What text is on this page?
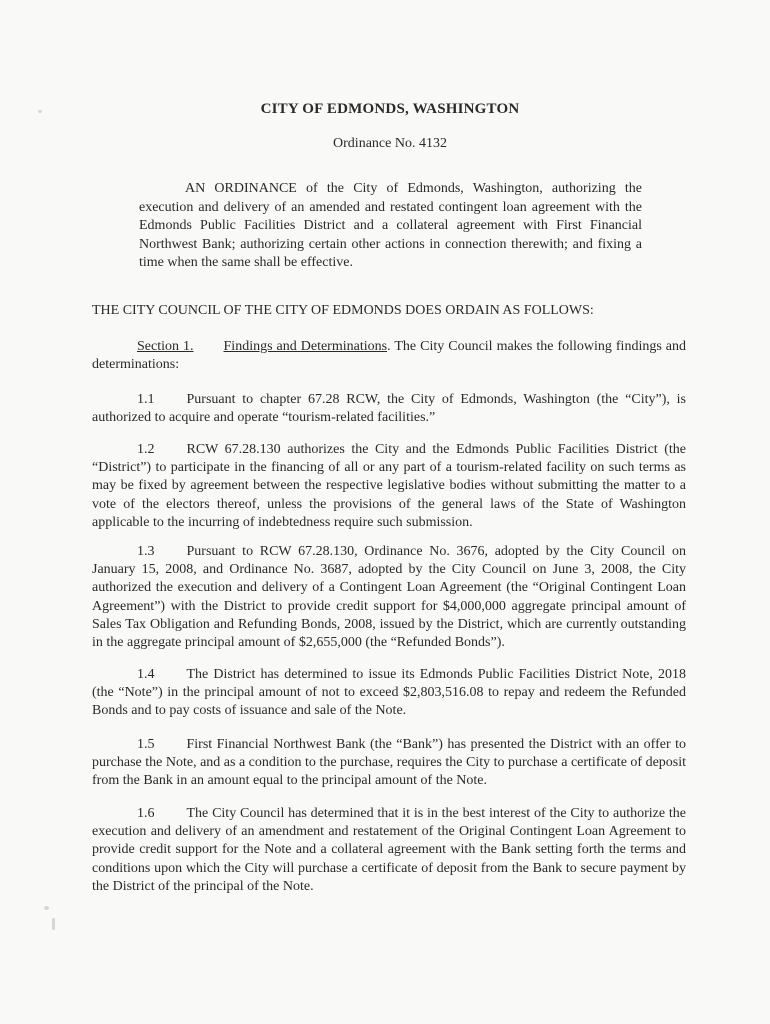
CITY OF EDMONDS, WASHINGTON
Ordinance No. 4132
AN ORDINANCE of the City of Edmonds, Washington, authorizing the execution and delivery of an amended and restated contingent loan agreement with the Edmonds Public Facilities District and a collateral agreement with First Financial Northwest Bank; authorizing certain other actions in connection therewith; and fixing a time when the same shall be effective.
THE CITY COUNCIL OF THE CITY OF EDMONDS DOES ORDAIN AS FOLLOWS:
Section 1. Findings and Determinations. The City Council makes the following findings and determinations:
1.1 Pursuant to chapter 67.28 RCW, the City of Edmonds, Washington (the “City”), is authorized to acquire and operate “tourism-related facilities.”
1.2 RCW 67.28.130 authorizes the City and the Edmonds Public Facilities District (the “District”) to participate in the financing of all or any part of a tourism-related facility on such terms as may be fixed by agreement between the respective legislative bodies without submitting the matter to a vote of the electors thereof, unless the provisions of the general laws of the State of Washington applicable to the incurring of indebtedness require such submission.
1.3 Pursuant to RCW 67.28.130, Ordinance No. 3676, adopted by the City Council on January 15, 2008, and Ordinance No. 3687, adopted by the City Council on June 3, 2008, the City authorized the execution and delivery of a Contingent Loan Agreement (the “Original Contingent Loan Agreement”) with the District to provide credit support for $4,000,000 aggregate principal amount of Sales Tax Obligation and Refunding Bonds, 2008, issued by the District, which are currently outstanding in the aggregate principal amount of $2,655,000 (the “Refunded Bonds”).
1.4 The District has determined to issue its Edmonds Public Facilities District Note, 2018 (the “Note”) in the principal amount of not to exceed $2,803,516.08 to repay and redeem the Refunded Bonds and to pay costs of issuance and sale of the Note.
1.5 First Financial Northwest Bank (the “Bank”) has presented the District with an offer to purchase the Note, and as a condition to the purchase, requires the City to purchase a certificate of deposit from the Bank in an amount equal to the principal amount of the Note.
1.6 The City Council has determined that it is in the best interest of the City to authorize the execution and delivery of an amendment and restatement of the Original Contingent Loan Agreement to provide credit support for the Note and a collateral agreement with the Bank setting forth the terms and conditions upon which the City will purchase a certificate of deposit from the Bank to secure payment by the District of the principal of the Note.
